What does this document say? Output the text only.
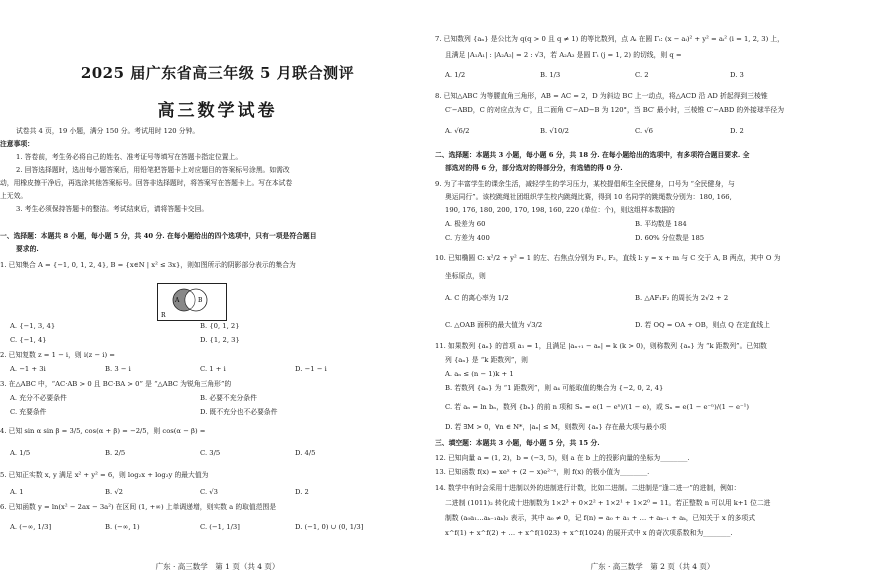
2025 届广东省高三年级 5 月联合测评
高三数学试卷
试卷共 4 页，19 小题，满分 150 分。考试用时 120 分钟。
注意事项：
1. 答卷前，考生务必将自己的姓名、准考证号等填写在答题卡指定位置上。
2. 回答选择题时，选出每小题答案后，用铅笔把答题卡上对应题目的答案标号涂黑。如需改
动，用橡皮擦干净后，再选涂其他答案标号。回答非选择题时，将答案写在答题卡上。写在本试卷
上无效。
3. 考生必须保持答题卡的整洁。考试结束后，请将答题卡交回。
一、选择题：本题共 8 小题，每小题 5 分，共 40 分. 在每小题给出的四个选项中，只有一项是符合题目
要求的.
1. 已知集合 A = {−1, 0, 1, 2, 4}, B = {x∈N | x² ≤ 3x}，则如图所示的阴影部分表示的集合为
A	B
R
A. {−1, 3, 4}	B. {0, 1, 2}
C. {−1, 4}	D. {1, 2, 3}
2. 已知复数 z = 1 − i，则 i(z − i) =
A. −1 + 3i	B. 3 − i	C. 1 + i	D. −1 − i
3. 在△ABC 中，“AC·AB > 0 且 BC·BA > 0” 是 “△ABC 为锐角三角形”的
A. 充分不必要条件	B. 必要不充分条件
C. 充要条件	D. 既不充分也不必要条件
4. 已知 sin α sin β = 3/5, cos(α + β) = −2/5，则 cos(α − β) =
A. 1/5	B. 2/5	C. 3/5	D. 4/5
5. 已知正实数 x, y 满足 x² + y² = 6，则 log₂x + log₂y 的最大值为
A. 1	B. √2	C. √3	D. 2
6. 已知函数 y = ln(x² − 2ax − 3a²) 在区间 (1, +∞) 上单调递增，则实数 a 的取值范围是
A. (−∞, 1/3]	B. (−∞, 1)	C. (−1, 1/3]	D. (−1, 0) ∪ (0, 1/3]
广东 · 高三数学　第 1 页（共 4 页）
7. 已知数列 {aₙ} 是公比为 q(q > 0 且 q ≠ 1) 的等比数列，点 Aᵢ 在圆 Γᵢ: (x − aᵢ)² + y² = aᵢ² (i = 1, 2, 3) 上，
且满足 |A₁A₁| : |A₂A₂| = 2 : √3，若 A₂A₃ 是圆 Γᵢ (j = 1, 2) 的切线，则 q =
A. 1/2	B. 1/3	C. 2	D. 3
8. 已知△ABC 为等腰直角三角形，AB = AC = 2，D 为斜边 BC 上一动点，将△ACD 沿 AD 折起得到三棱锥
C′−ABD，C 的对应点为 C′，且二面角 C′−AD−B 为 120°，当 BC′ 最小时，三棱锥 C′−ABD 的外接球半径为
A. √6/2	B. √10/2	C. √6	D. 2
二、选择题：本题共 3 小题，每小题 6 分，共 18 分. 在每小题给出的选项中，有多项符合题目要求. 全
部选对的得 6 分，部分选对的得部分分，有选错的得 0 分.
9. 为了丰富学生的课余生活，减轻学生的学习压力，某校提倡师生全民健身，口号为 “全民健身，与
奥运同行”。该校跳绳社团组织学生校内跳绳比赛，得到 10 名同学的跳绳数分别为：180, 166,
190, 176, 180, 200, 170, 198, 160, 220 (单位：个)，则这组样本数据的
A. 极差为 60	B. 平均数是 184
C. 方差为 400	D. 60% 分位数是 185
10. 已知椭圆 C: x²/2 + y² = 1 的左、右焦点分别为 F₁, F₂，直线 l: y = x + m 与 C 交于 A, B 两点，其中 O 为
坐标原点，则
A. C 的离心率为 1/2	B. △AF₁F₂ 的周长为 2√2 + 2
C. △OAB 面积的最大值为 √3/2	D. 若 OQ = OA + OB，则点 Q 在定直线上
11. 如果数列 {aₙ} 的首项 a₁ = 1，且满足 |aₙ₊₁ − aₙ| = k (k > 0)，则称数列 {aₙ} 为 “k 距数列”。已知数
列 {aₙ} 是 “k 距数列”，则
A. aₙ ≤ (n − 1)k + 1
B. 若数列 {aₙ} 为 “1 距数列”，则 a₄ 可能取值的集合为 {−2, 0, 2, 4}
C. 若 aₙ = ln bₙ，数列 {bₙ} 的前 n 项和 Sₙ = e(1 − eⁿ)/(1 − e)，或 Sₙ = e(1 − e⁻ⁿ)/(1 − e⁻¹)
D. 若 ∃M > 0，∀n ∈ N*，|aₙ| ≤ M，则数列 {aₙ} 存在最大项与最小项
三、填空题：本题共 3 小题，每小题 5 分，共 15 分.
12. 已知向量 a = (1, 2)，b = (−3, 5)，则 a 在 b 上的投影向量的坐标为________.
13. 已知函数 f(x) = xeˣ + (2 − x)e²⁻ˣ，则 f(x) 的极小值为________.
14. 数学中有时会采用十进制以外的进制进行计数，比如二进制。二进制是“逢二进一”的进制，例如：
二进制 (1011)₂ 转化成十进制数为 1×2³ + 0×2² + 1×2¹ + 1×2⁰ = 11。若正整数 n 可以用 k+1 位二进
制数 (a₀a₁…aₖ₋₁aₖ)₂ 表示，其中 a₀ ≠ 0，记 f(n) = a₀ + a₁ + … + aₖ₋₁ + aₖ，已知关于 x 的多项式
x^f(1) + x^f(2) + … + x^f(1023) + x^f(1024) 的展开式中 x 的奇次项系数和为________.
广东 · 高三数学　第 2 页（共 4 页）
